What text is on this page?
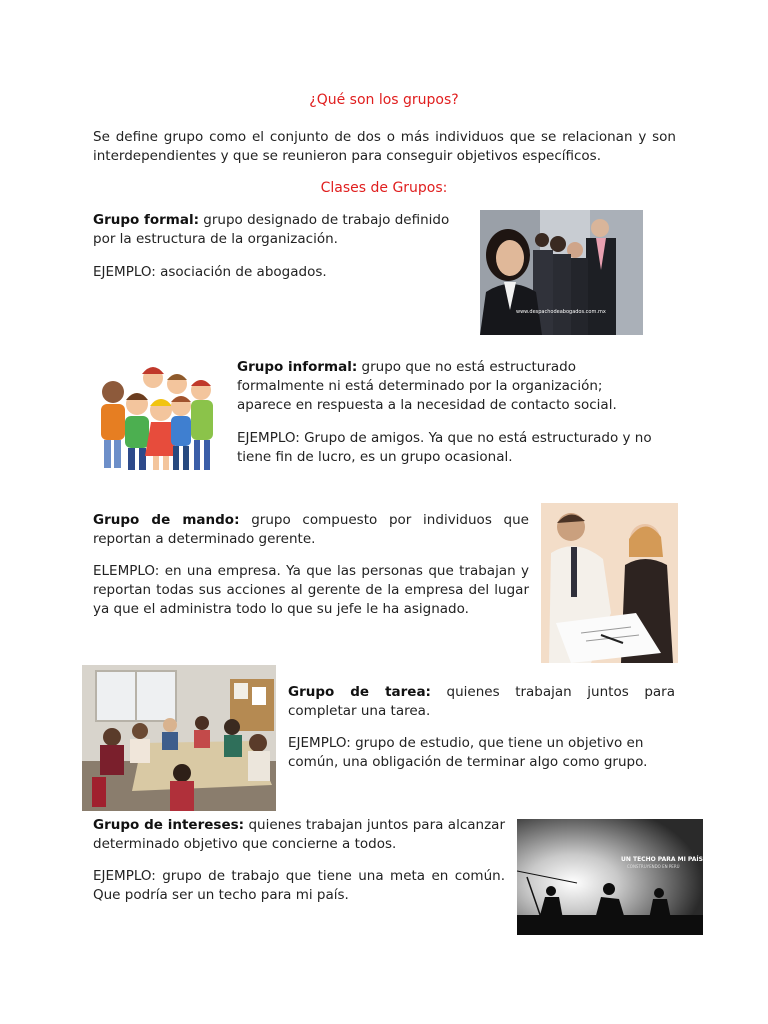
¿Qué son los grupos?

Se define grupo como el conjunto de dos o más individuos que se relacionan y son interdependientes y que se reunieron para conseguir objetivos específicos.

Clases de Grupos:

Grupo formal: grupo designado de trabajo definido por la estructura de la organización.

EJEMPLO: asociación de abogados.

www.despachodeabogados.com.mx

Grupo informal: grupo que no está estructurado formalmente ni está determinado por la organización; aparece en respuesta a la necesidad de contacto social.

EJEMPLO: Grupo de amigos. Ya que no está estructurado y no tiene fin de lucro, es un grupo ocasional.

Grupo de mando: grupo compuesto por individuos que reportan a determinado gerente.

ELEMPLO: en una empresa. Ya que las personas que trabajan y reportan todas sus acciones al gerente de la empresa del lugar ya que el administra todo lo que su jefe le ha asignado.

Grupo de tarea: quienes trabajan juntos para completar una tarea.

EJEMPLO: grupo de estudio, que tiene un objetivo en común, una obligación de terminar algo como grupo.

Grupo de intereses: quienes trabajan juntos para alcanzar determinado objetivo que concierne a todos.

EJEMPLO: grupo de trabajo que tiene una meta en común. Que podría ser un techo para mi país.

UN TECHO PARA MI PAÍS
CONSTRUYENDO EN PERÚ
